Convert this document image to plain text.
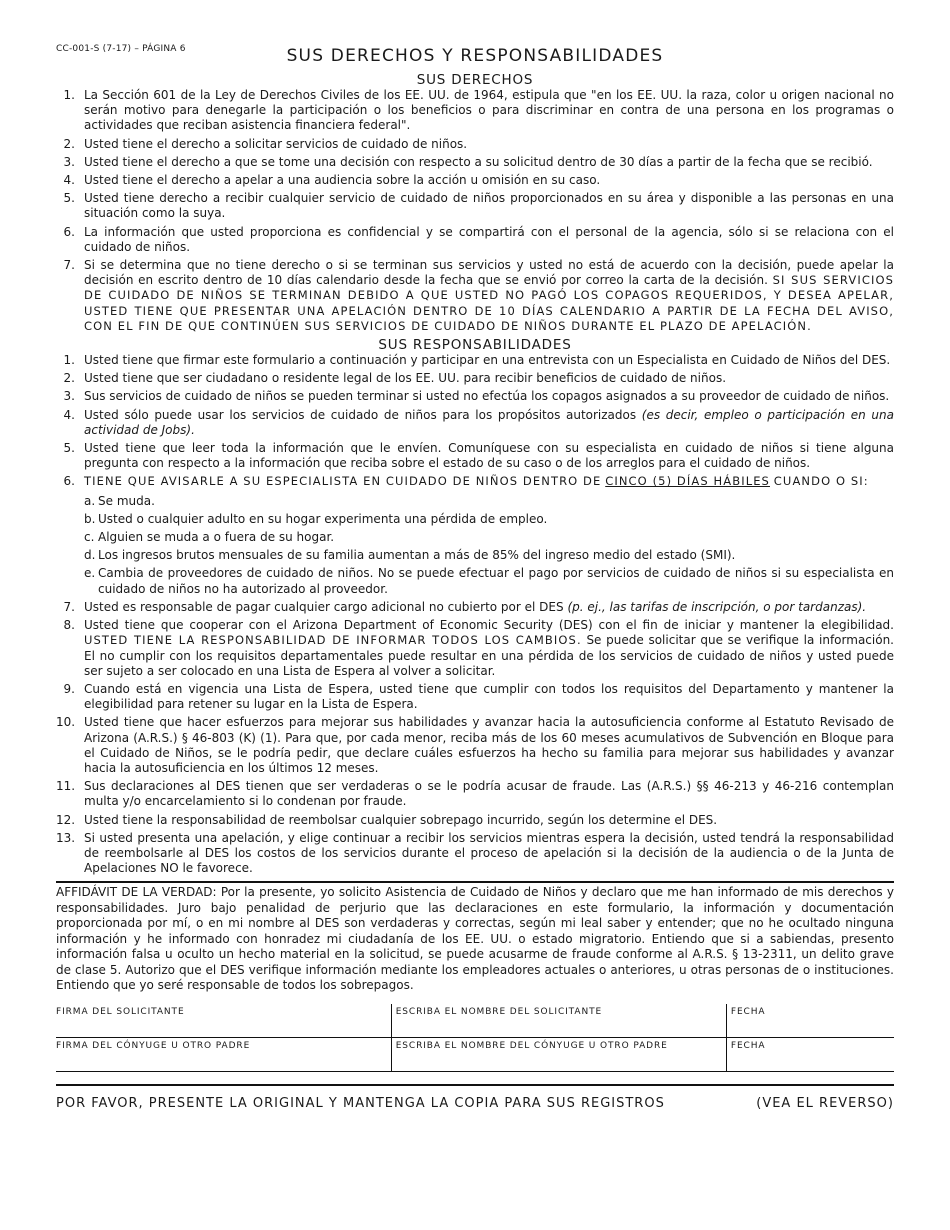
CC-001-S (7-17) – PÁGINA 6	SUS DERECHOS Y RESPONSABILIDADES
SUS DERECHOS
1. La Sección 601 de la Ley de Derechos Civiles de los EE. UU. de 1964, estipula que "en los EE. UU. la raza, color u origen nacional no serán motivo para denegarle la participación o los beneficios o para discriminar en contra de una persona en los programas o actividades que reciban asistencia financiera federal".
2. Usted tiene el derecho a solicitar servicios de cuidado de niños.
3. Usted tiene el derecho a que se tome una decisión con respecto a su solicitud dentro de 30 días a partir de la fecha que se recibió.
4. Usted tiene el derecho a apelar a una audiencia sobre la acción u omisión en su caso.
5. Usted tiene derecho a recibir cualquier servicio de cuidado de niños proporcionados en su área y disponible a las personas en una situación como la suya.
6. La información que usted proporciona es confidencial y se compartirá con el personal de la agencia, sólo si se relaciona con el cuidado de niños.
7. Si se determina que no tiene derecho o si se terminan sus servicios y usted no está de acuerdo con la decisión, puede apelar la decisión en escrito dentro de 10 días calendario desde la fecha que se envió por correo la carta de la decisión. SI SUS SERVICIOS DE CUIDADO DE NIÑOS SE TERMINAN DEBIDO A QUE USTED NO PAGÓ LOS COPAGOS REQUERIDOS, Y DESEA APELAR, USTED TIENE QUE PRESENTAR UNA APELACIÓN DENTRO DE 10 DÍAS CALENDARIO A PARTIR DE LA FECHA DEL AVISO, CON EL FIN DE QUE CONTINÚEN SUS SERVICIOS DE CUIDADO DE NIÑOS DURANTE EL PLAZO DE APELACIÓN.
SUS RESPONSABILIDADES
1. Usted tiene que firmar este formulario a continuación y participar en una entrevista con un Especialista en Cuidado de Niños del DES.
2. Usted tiene que ser ciudadano o residente legal de los EE. UU. para recibir beneficios de cuidado de niños.
3. Sus servicios de cuidado de niños se pueden terminar si usted no efectúa los copagos asignados a su proveedor de cuidado de niños.
4. Usted sólo puede usar los servicios de cuidado de niños para los propósitos autorizados (es decir, empleo o participación en una actividad de Jobs).
5. Usted tiene que leer toda la información que le envíen. Comuníquese con su especialista en cuidado de niños si tiene alguna pregunta con respecto a la información que reciba sobre el estado de su caso o de los arreglos para el cuidado de niños.
6. TIENE QUE AVISARLE A SU ESPECIALISTA EN CUIDADO DE NIÑOS DENTRO DE CINCO (5) DÍAS HÁBILES CUANDO O SI:
a. Se muda.
b. Usted o cualquier adulto en su hogar experimenta una pérdida de empleo.
c. Alguien se muda a o fuera de su hogar.
d. Los ingresos brutos mensuales de su familia aumentan a más de 85% del ingreso medio del estado (SMI).
e. Cambia de proveedores de cuidado de niños. No se puede efectuar el pago por servicios de cuidado de niños si su especialista en cuidado de niños no ha autorizado al proveedor.
7. Usted es responsable de pagar cualquier cargo adicional no cubierto por el DES (p. ej., las tarifas de inscripción, o por tardanzas).
8. Usted tiene que cooperar con el Arizona Department of Economic Security (DES) con el fin de iniciar y mantener la elegibilidad. USTED TIENE LA RESPONSABILIDAD DE INFORMAR TODOS LOS CAMBIOS. Se puede solicitar que se verifique la información. El no cumplir con los requisitos departamentales puede resultar en una pérdida de los servicios de cuidado de niños y usted puede ser sujeto a ser colocado en una Lista de Espera al volver a solicitar.
9. Cuando está en vigencia una Lista de Espera, usted tiene que cumplir con todos los requisitos del Departamento y mantener la elegibilidad para retener su lugar en la Lista de Espera.
10. Usted tiene que hacer esfuerzos para mejorar sus habilidades y avanzar hacia la autosuficiencia conforme al Estatuto Revisado de Arizona (A.R.S.) § 46-803 (K) (1). Para que, por cada menor, reciba más de los 60 meses acumulativos de Subvención en Bloque para el Cuidado de Niños, se le podría pedir, que declare cuáles esfuerzos ha hecho su familia para mejorar sus habilidades y avanzar hacia la autosuficiencia en los últimos 12 meses.
11. Sus declaraciones al DES tienen que ser verdaderas o se le podría acusar de fraude. Las (A.R.S.) §§ 46-213 y 46-216 contemplan multa y/o encarcelamiento si lo condenan por fraude.
12. Usted tiene la responsabilidad de reembolsar cualquier sobrepago incurrido, según los determine el DES.
13. Si usted presenta una apelación, y elige continuar a recibir los servicios mientras espera la decisión, usted tendrá la responsabilidad de reembolsarle al DES los costos de los servicios durante el proceso de apelación si la decisión de la audiencia o de la Junta de Apelaciones NO le favorece.
AFFIDÁVIT DE LA VERDAD: Por la presente, yo solicito Asistencia de Cuidado de Niños y declaro que me han informado de mis derechos y responsabilidades. Juro bajo penalidad de perjurio que las declaraciones en este formulario, la información y documentación proporcionada por mí, o en mi nombre al DES son verdaderas y correctas, según mi leal saber y entender; que no he ocultado ninguna información y he informado con honradez mi ciudadanía de los EE. UU. o estado migratorio. Entiendo que si a sabiendas, presento información falsa u oculto un hecho material en la solicitud, se puede acusarme de fraude conforme al A.R.S. § 13-2311, un delito grave de clase 5. Autorizo que el DES verifique información mediante los empleadores actuales o anteriores, u otras personas de o instituciones. Entiendo que yo seré responsable de todos los sobrepagos.
FIRMA DEL SOLICITANTE	ESCRIBA EL NOMBRE DEL SOLICITANTE	FECHA
FIRMA DEL CÓNYUGE U OTRO PADRE	ESCRIBA EL NOMBRE DEL CÓNYUGE U OTRO PADRE	FECHA
POR FAVOR, PRESENTE LA ORIGINAL Y MANTENGA LA COPIA PARA SUS REGISTROS	(VEA EL REVERSO)
